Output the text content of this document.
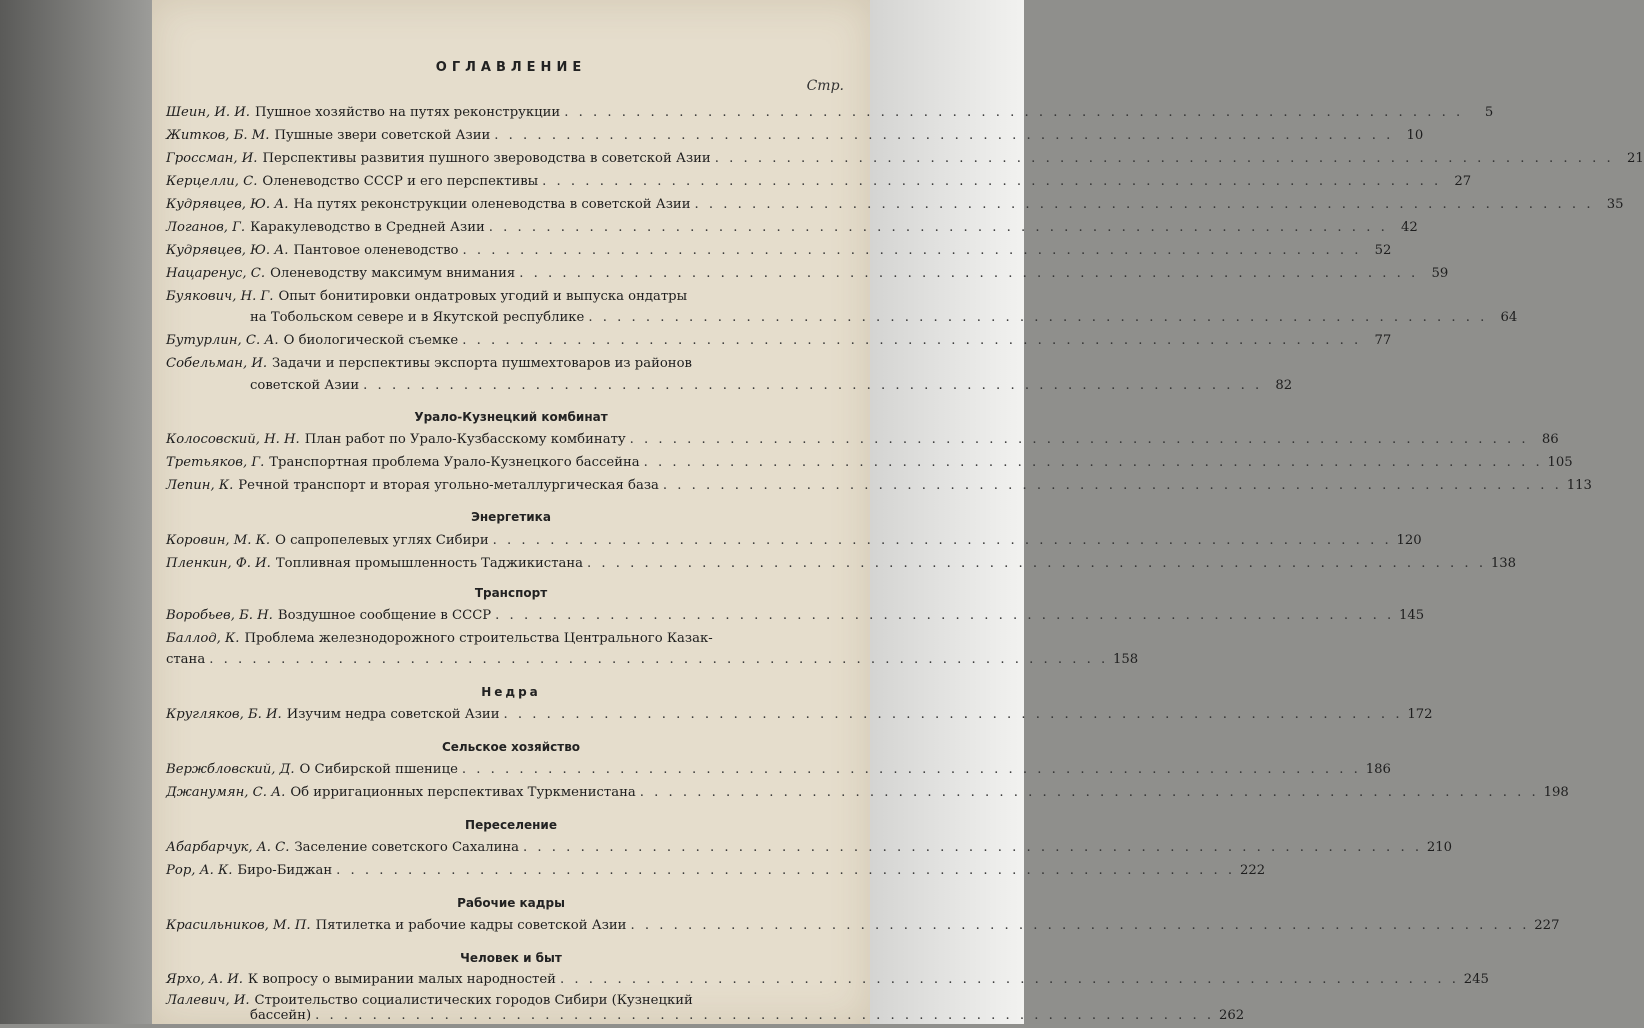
ОГЛАВЛЕНИЕ
Стр.
Шеин, И. И. Пушное хозяйство на путях реконструкции . . .	5
Житков, Б. М. Пушные звери советской Азии . . .	10
Гроссман, И. Перспективы развития пушного звероводства в советской Азии . . .	21
Керцелли, С. Оленеводство СССР и его перспективы . . .	27
Кудрявцев, Ю. А. На путях реконструкции оленеводства в советской Азии . . .	35
Логанов, Г. Каракулеводство в Средней Азии . . .	42
Кудрявцев, Ю. А. Пантовое оленеводство . . .	52
Нацаренус, С. Оленеводству максимум внимания . . .	59
Буякович, Н. Г. Опыт бонитировки ондатровых угодий и выпуска ондатры
на Тобольском севере и в Якутской республике . . .	64
Бутурлин, С. А. О биологической съемке . . .	77
Собельман, И. Задачи и перспективы экспорта пушмехтоваров из районов
советской Азии . . .	82
Урало-Кузнецкий комбинат
Колосовский, Н. Н. План работ по Урало-Кузбасскому комбинату . . .	86
Третьяков, Г. Транспортная проблема Урало-Кузнецкого бассейна . . .	105
Лепин, К. Речной транспорт и вторая угольно-металлургическая база . . .	113
Энергетика
Коровин, М. К. О сапропелевых углях Сибири . . .	120
Пленкин, Ф. И. Топливная промышленность Таджикистана . . .	138
Транспорт
Воробьев, Б. Н. Воздушное сообщение в СССР . . .	145
Баллод, К. Проблема железнодорожного строительства Центрального Казак-
стана . . .	158
Недра
Кругляков, Б. И. Изучим недра советской Азии . . .	172
Сельское хозяйство
Вержбловский, Д. О Сибирской пшенице . . .	186
Джанумян, С. А. Об ирригационных перспективах Туркменистана . . .	198
Переселение
Абарбарчук, А. С. Заселение советского Сахалина . . .	210
Рор, А. К. Биро-Биджан . . .	222
Рабочие кадры
Красильников, М. П. Пятилетка и рабочие кадры советской Азии . . .	227
Человек и быт
Ярхо, А. И. К вопросу о вымирании малых народностей . . .	245
Лалевич, И. Строительство социалистических городов Сибири (Кузнецкий
бассейн) . . .	262
